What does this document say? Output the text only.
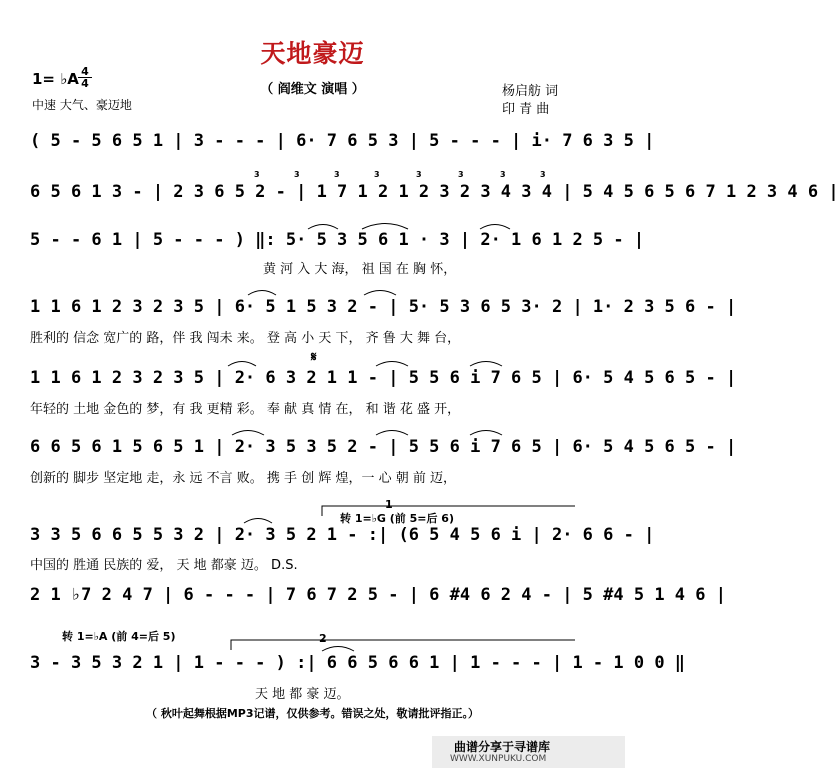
天地豪迈
（ 阎维文 演唱 ）
1= ♭A 4
4
中速 大气、豪迈地
杨启舫 词
印 青 曲
( 5 - 5 6 5 1 | 3 - - - | 6· 7 6 5 3 | 5 - - - | i· 7 6 3 5 |
6 5 6 1 3 - | 2 3 6 5 2 - | 1 7 1 2 1 2 3 2 3 4 3 4 | 5 4 5 6 5 6 7 1 2 3 4 6 |
5 - - 6 1 | 5 - - - ) ‖: 5· 5 3 5 6 1 · 3 | 2· 1 6 1 2 5 - |
黄 河 入 大 海， 祖 国 在 胸 怀，
1 1 6 1 2 3 2 3 5 | 6· 5 1 5 3 2 - | 5· 5 3 6 5 3· 2 | 1· 2 3 5 6 - |
胜利的 信念 宽广的 路，伴 我 闯未 来。 登 高 小 天 下， 齐 鲁 大 舞 台，
1 1 6 1 2 3 2 3 5 | 2· 6 3 2 1 1 - | 5 5 6 i 7 6 5 | 6· 5 4 5 6 5 - |
年轻的 土地 金色的 梦，有 我 更精 彩。 奉 献 真 情 在， 和 谐 花 盛 开，
6 6 5 6 1 5 6 5 1 | 2· 3 5 3 5 2 - | 5 5 6 i 7 6 5 | 6· 5 4 5 6 5 - |
创新的 脚步 坚定地 走，永 远 不言 败。 携 手 创 辉 煌，一 心 朝 前 迈，
3 3 5 6 6 5 5 3 2 | 2· 3 5 2 1 - :| (6 5 4 5 6 i | 2· 6 6 - |
中国的 胜通 民族的 爱， 天 地 都豪 迈。 D.S.
2 1 ♭7 2 4 7 | 6 - - - | 7 6 7 2 5 - | 6 #4 6 2 4 - | 5 #4 5 1 4 6 |
3 - 3 5 3 2 1 | 1 - - - ) :| 6 6 5 6 6 1 | 1 - - - | 1 - 1 0 0 ‖
天 地 都 豪 迈。
3	3	3	3	3	3	3	3
𝄋
1
转 1=♭G (前 5=后 6)
转 1=♭A (前 4=后 5)	2
（ 秋叶起舞根据MP3记谱，仅供参考。错误之处，敬请批评指正。）
曲谱分享于寻谱库
WWW.XUNPUKU.COM
